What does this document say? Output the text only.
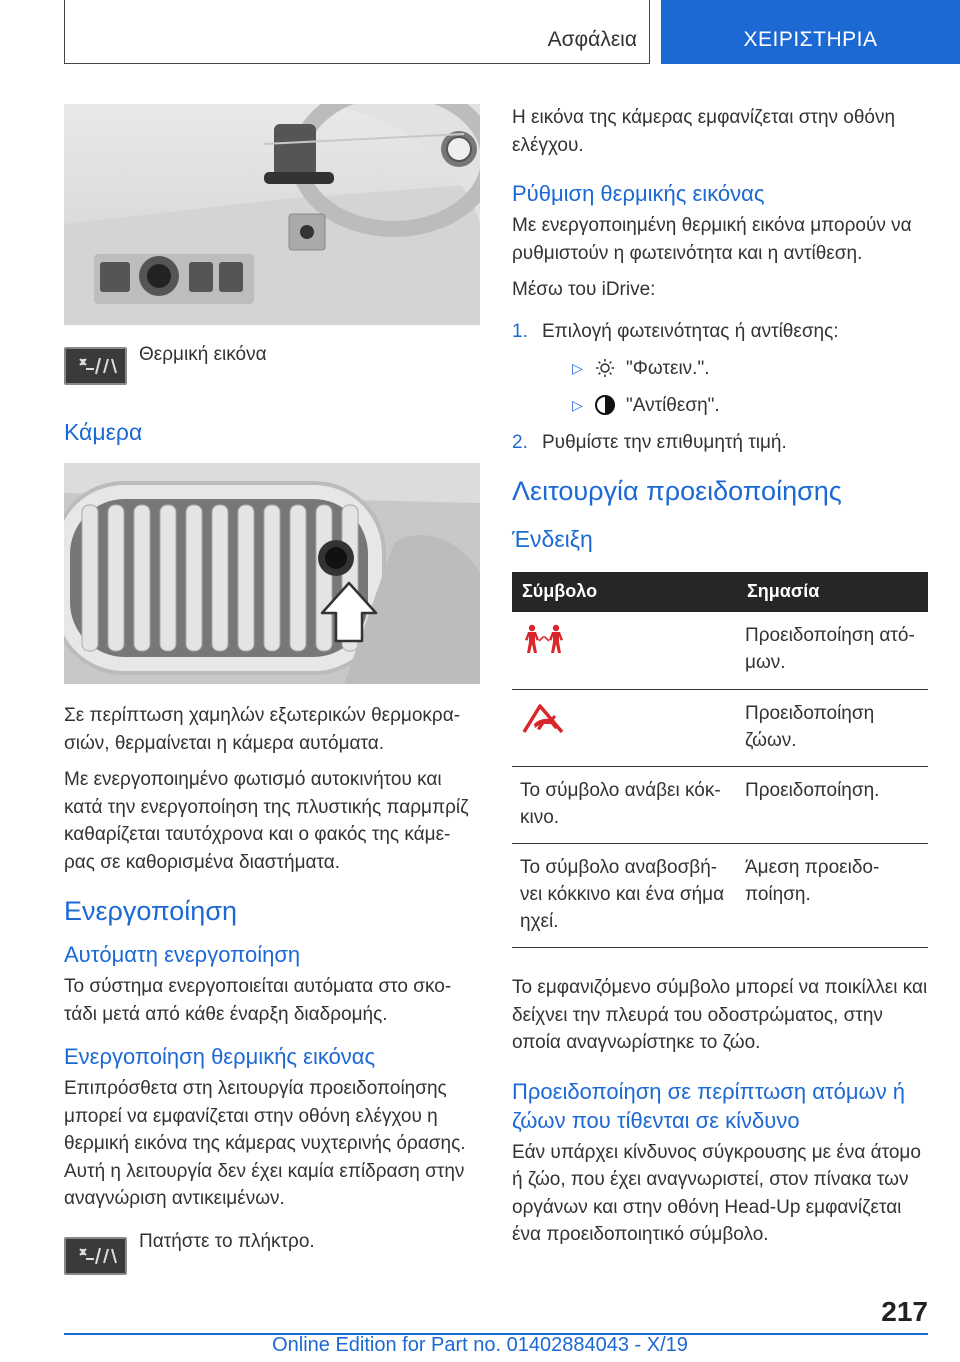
Ασφάλεια	ΧΕΙΡΙΣΤΗΡΙΑ
Θερμική εικόνα
Κάμερα

Σε περίπτωση χαμηλών εξωτερικών θερμοκρα-σιών, θερμαίνεται η κάμερα αυτόματα.

Με ενεργοποιημένο φωτισμό αυτοκινήτου και κατά την ενεργοποίηση της πλυστικής παρμπρίζ καθαρίζεται ταυτόχρονα και ο φακός της κάμε-ρας σε καθορισμένα διαστήματα.

Ενεργοποίηση
Αυτόματη ενεργοποίηση

Το σύστημα ενεργοποιείται αυτόματα στο σκο-τάδι μετά από κάθε έναρξη διαδρομής.

Ενεργοποίηση θερμικής εικόνας

Επιπρόσθετα στη λειτουργία προειδοποίησης μπορεί να εμφανίζεται στην οθόνη ελέγχου η θερμική εικόνα της κάμερας νυχτερινής όρασης. Αυτή η λειτουργία δεν έχει καμία επίδραση στην αναγνώριση αντικειμένων.

Πατήστε το πλήκτρο.

Η εικόνα της κάμερας εμφανίζεται στην οθόνη ελέγχου.

Ρύθμιση θερμικής εικόνας

Με ενεργοποιημένη θερμική εικόνα μπορούν να ρυθμιστούν η φωτεινότητα και η αντίθεση.

Μέσω του iDrive:

1. Επιλογή φωτεινότητας ή αντίθεσης:
▷	"Φωτειν.".
▷	"Αντίθεση".
2. Ρυθμίστε την επιθυμητή τιμή.
Λειτουργία προειδοποίησης
Ένδειξη
Σύμβολο	Σημασία
	Προειδοποίηση ατό-μων.
	Προειδοποίηση ζώων.
Το σύμβολο ανάβει κόκ-κινο.	Προειδοποίηση.
Το σύμβολο αναβοσβή-νει κόκκινο και ένα σήμα ηχεί.	Άμεση προειδο-ποίηση.

Το εμφανιζόμενο σύμβολο μπορεί να ποικίλλει και δείχνει την πλευρά του οδοστρώματος, στην οποία αναγνωρίστηκε το ζώο.

Προειδοποίηση σε περίπτωση ατόμων ή ζώων που τίθενται σε κίνδυνο

Εάν υπάρχει κίνδυνος σύγκρουσης με ένα άτομο ή ζώο, που έχει αναγνωριστεί, στον πίνακα των οργάνων και στην οθόνη Head-Up εμφανίζεται ένα προειδοποιητικό σύμβολο.

217
Online Edition for Part no. 01402884043 - X/19
